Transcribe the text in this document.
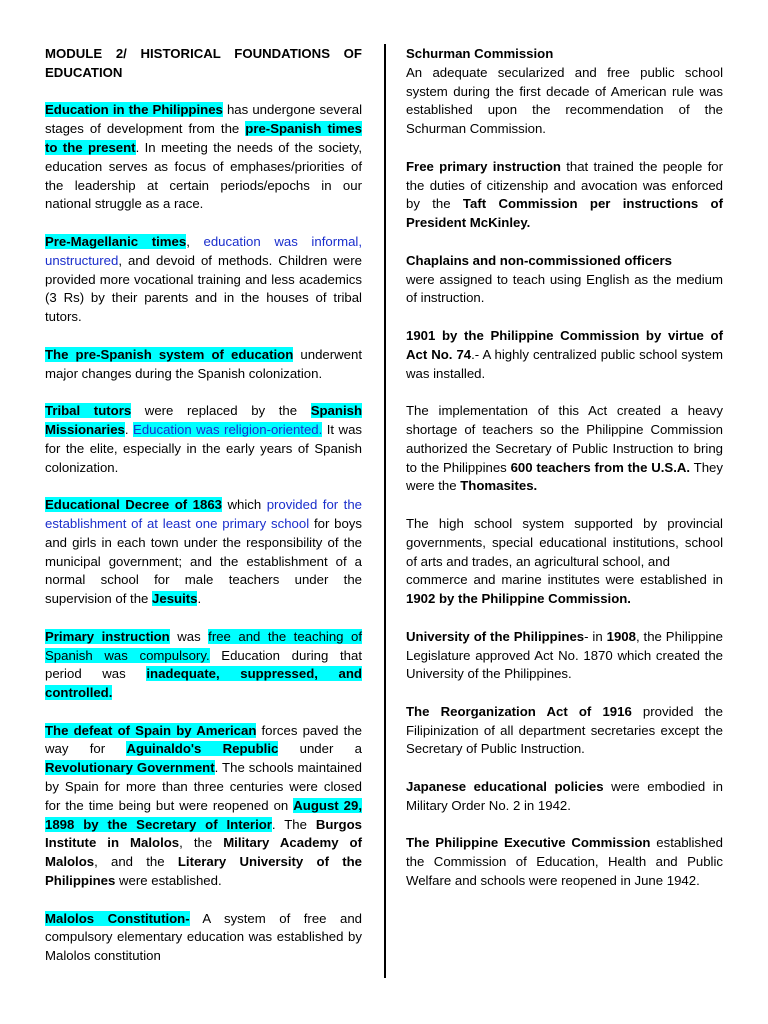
MODULE 2/ HISTORICAL FOUNDATIONS OF EDUCATION

Education in the Philippines has undergone several stages of development from the pre-Spanish times to the present. In meeting the needs of the society, education serves as focus of emphases/priorities of the leadership at certain periods/epochs in our national struggle as a race.

Pre-Magellanic times, education was informal, unstructured, and devoid of methods. Children were provided more vocational training and less academics (3 Rs) by their parents and in the houses of tribal tutors.

The pre-Spanish system of education underwent major changes during the Spanish colonization.

Tribal tutors were replaced by the Spanish Missionaries. Education was religion-oriented. It was for the elite, especially in the early years of Spanish colonization.

Educational Decree of 1863 which provided for the establishment of at least one primary school for boys and girls in each town under the responsibility of the municipal government; and the establishment of a normal school for male teachers under the supervision of the Jesuits.

Primary instruction was free and the teaching of Spanish was compulsory. Education during that period was inadequate, suppressed, and controlled.

The defeat of Spain by American forces paved the way for Aguinaldo's Republic under a Revolutionary Government. The schools maintained by Spain for more than three centuries were closed for the time being but were reopened on August 29, 1898 by the Secretary of Interior. The Burgos Institute in Malolos, the Military Academy of Malolos, and the Literary University of the Philippines were established.

Malolos Constitution- A system of free and compulsory elementary education was established by Malolos constitution

Schurman Commission
An adequate secularized and free public school system during the first decade of American rule was established upon the recommendation of the Schurman Commission.

Free primary instruction that trained the people for the duties of citizenship and avocation was enforced by the Taft Commission per instructions of President McKinley.

Chaplains and non-commissioned officers
were assigned to teach using English as the medium of instruction.

1901 by the Philippine Commission by virtue of Act No. 74.- A highly centralized public school system was installed.

The implementation of this Act created a heavy shortage of teachers so the Philippine Commission authorized the Secretary of Public Instruction to bring to the Philippines 600 teachers from the U.S.A. They were the Thomasites.

The high school system supported by provincial governments, special educational institutions, school of arts and trades, an agricultural school, and
commerce and marine institutes were established in 1902 by the Philippine Commission.

University of the Philippines- in 1908, the Philippine Legislature approved Act No. 1870 which created the University of the Philippines.

The Reorganization Act of 1916 provided the Filipinization of all department secretaries except the Secretary of Public Instruction.

Japanese educational policies were embodied in Military Order No. 2 in 1942.

The Philippine Executive Commission established the Commission of Education, Health and Public Welfare and schools were reopened in June 1942.
